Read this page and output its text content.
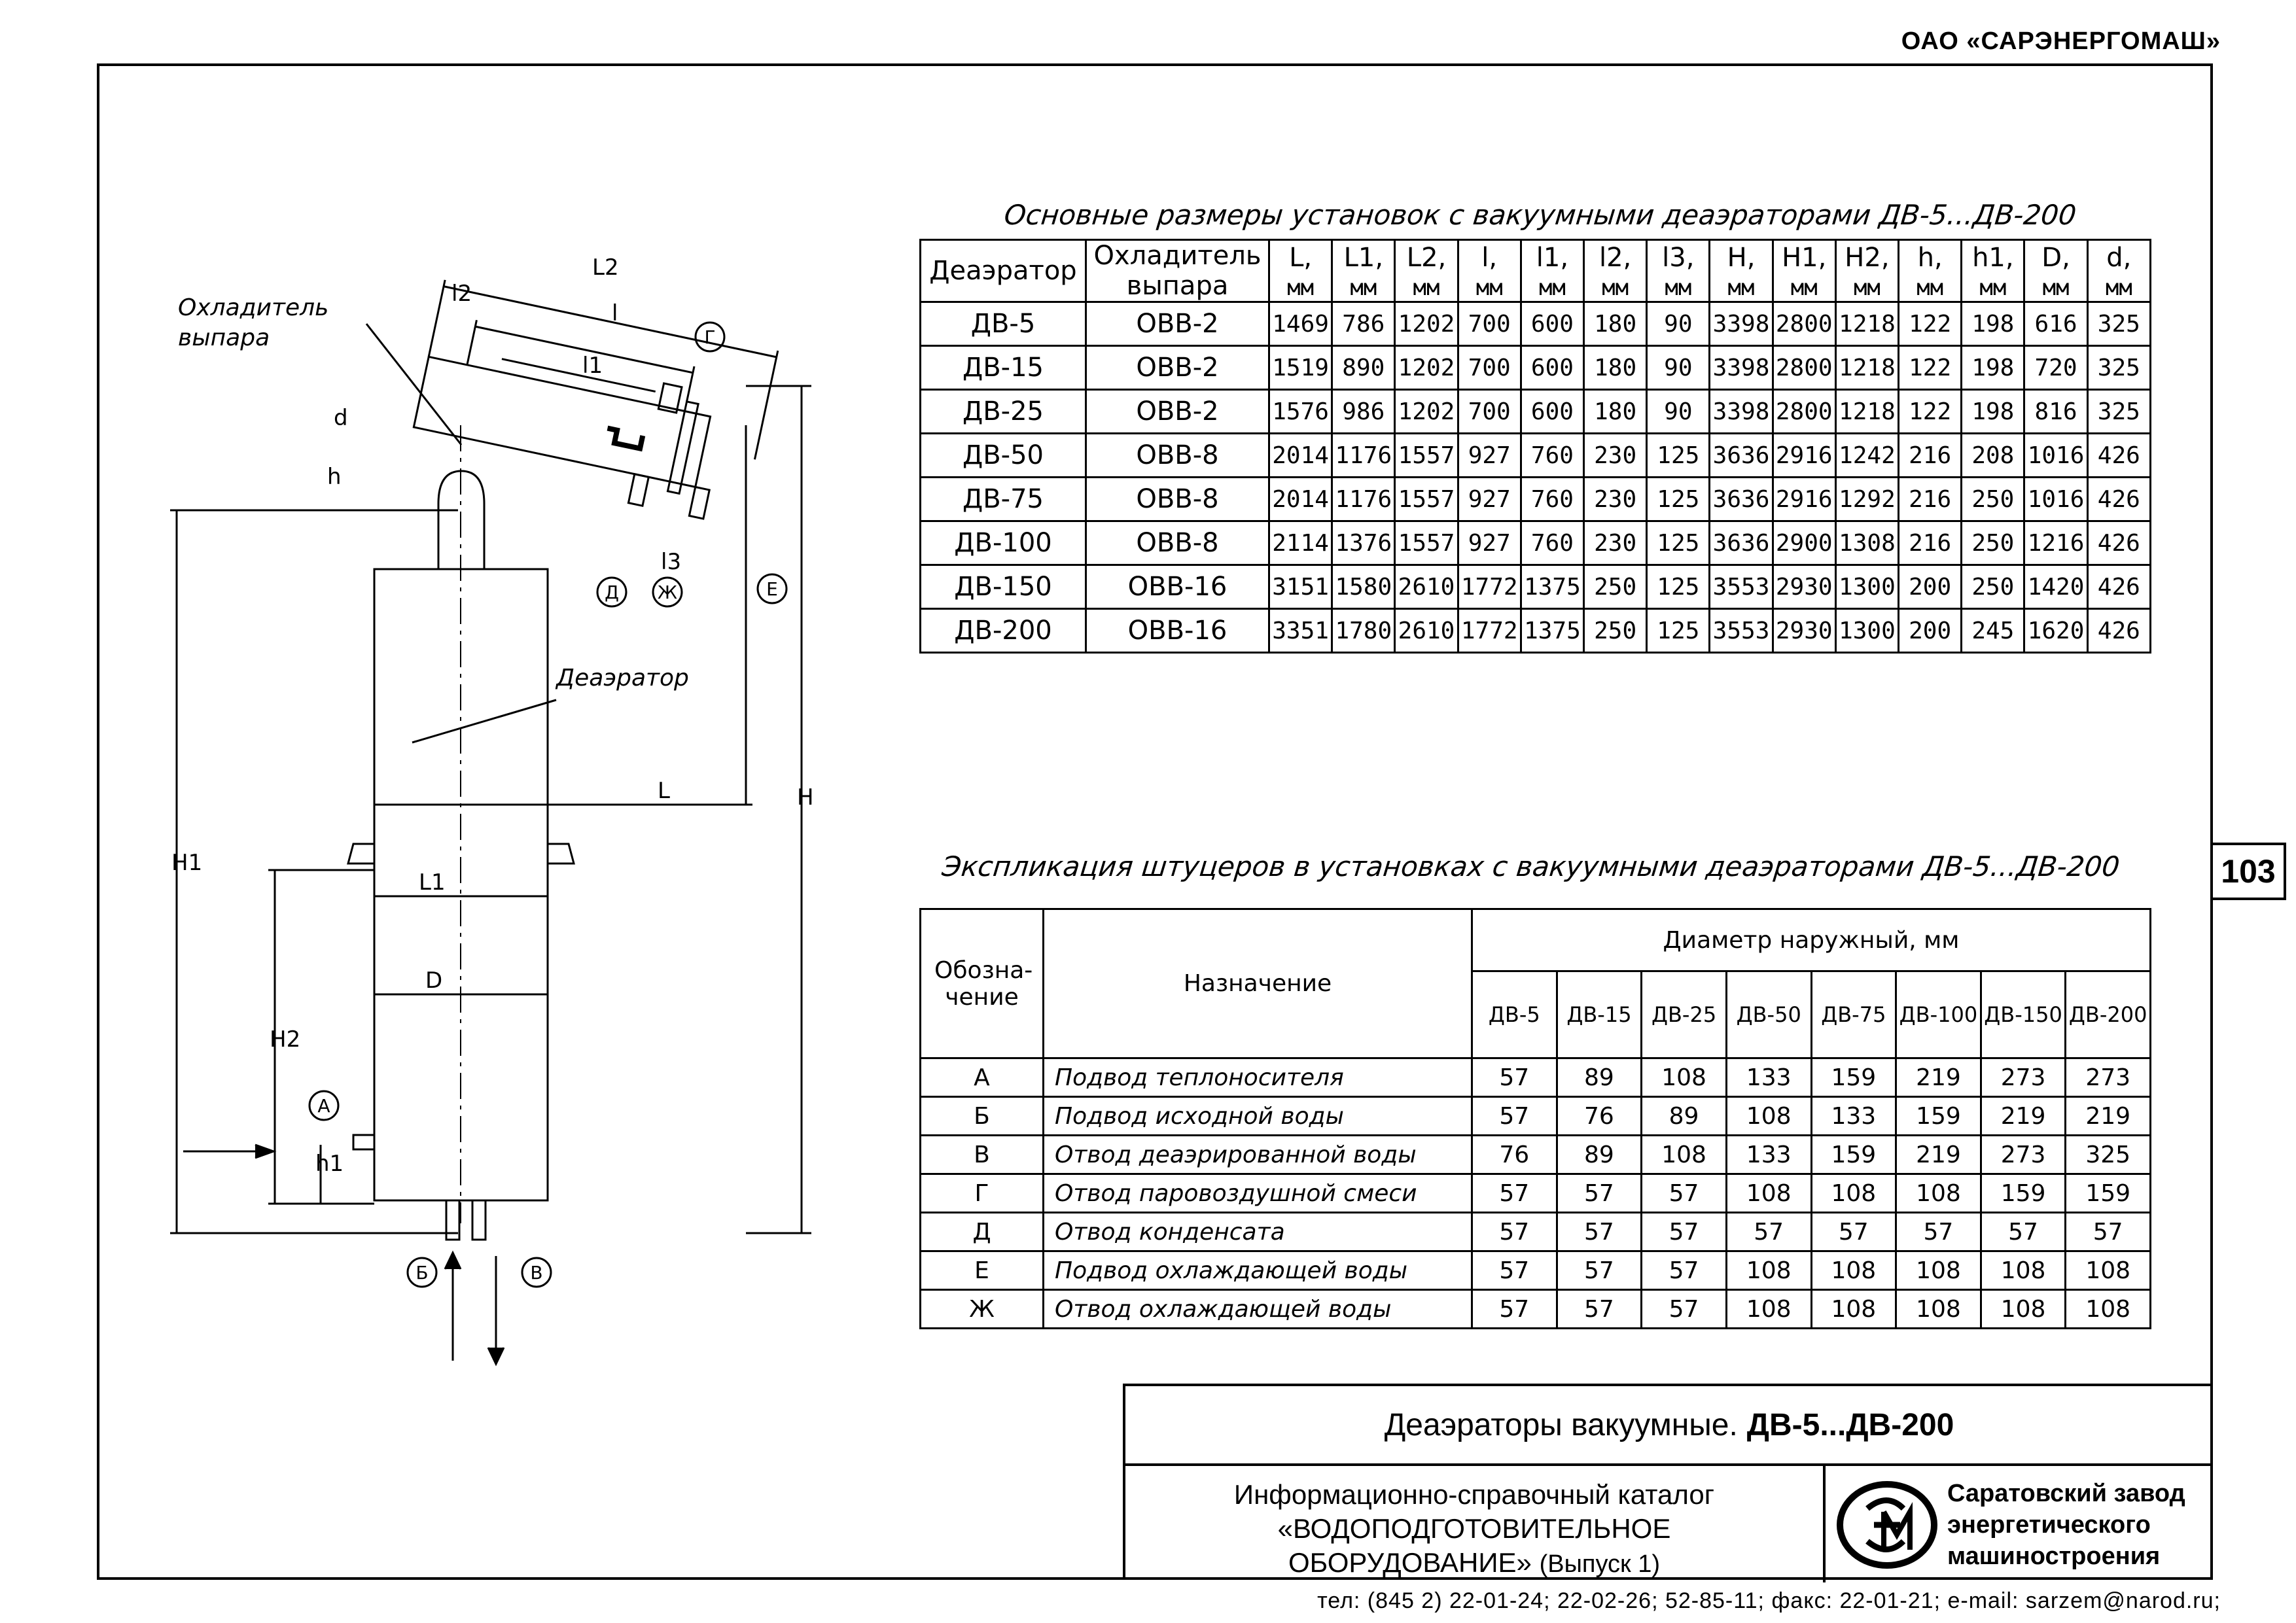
ОАО «САРЭНЕРГОМАШ»
103
Охладитель
выпара
Деаэратор
L2
l2
l
l1
d
h
l3
L
L1
D
H1
H
H2
h1
Г
Д Ж	Е
А
Б	В
Основные размеры установок с вакуумными деаэраторами ДВ-5...ДВ-200
Деаэратор	Охладитель выпара	L,	L1,	L2,	l,	l1,	l2,	l3,	H,	H1,	H2,	h,	h1,	D,	d,
		мм	мм	мм	мм	мм	мм	мм	мм	мм	мм	мм	мм	мм	мм
ДВ-5	ОВВ-2	1469	786	1202	700	600	180	90	3398	2800	1218	122	198	616	325
ДВ-15	ОВВ-2	1519	890	1202	700	600	180	90	3398	2800	1218	122	198	720	325
ДВ-25	ОВВ-2	1576	986	1202	700	600	180	90	3398	2800	1218	122	198	816	325
ДВ-50	ОВВ-8	2014	1176	1557	927	760	230	125	3636	2916	1242	216	208	1016	426
ДВ-75	ОВВ-8	2014	1176	1557	927	760	230	125	3636	2916	1292	216	250	1016	426
ДВ-100	ОВВ-8	2114	1376	1557	927	760	230	125	3636	2900	1308	216	250	1216	426
ДВ-150	ОВВ-16	3151	1580	2610	1772	1375	250	125	3553	2930	1300	200	250	1420	426
ДВ-200	ОВВ-16	3351	1780	2610	1772	1375	250	125	3553	2930	1300	200	245	1620	426
Экспликация штуцеров в установках с вакуумными деаэраторами ДВ-5...ДВ-200
Обозна- чение	Назначение	Диаметр наружный, мм							
		ДВ-5	ДВ-15	ДВ-25	ДВ-50	ДВ-75	ДВ-100	ДВ-150	ДВ-200
А	Подвод теплоносителя	57	89	108	133	159	219	273	273
Б	Подвод исходной воды	57	76	89	108	133	159	219	219
В	Отвод деаэрированной воды	76	89	108	133	159	219	273	325
Г	Отвод паровоздушной смеси	57	57	57	108	108	108	159	159
Д	Отвод конденсата	57	57	57	57	57	57	57	57
Е	Подвод охлаждающей воды	57	57	57	108	108	108	108	108
Ж	Отвод охлаждающей воды	57	57	57	108	108	108	108	108
Деаэраторы вакуумные. ДВ-5...ДВ-200
Информационно-справочный каталог
«ВОДОПОДГОТОВИТЕЛЬНОЕ
ОБОРУДОВАНИЕ» (Выпуск 1)
Саратовский завод
энергетического
машиностроения
тел: (845 2) 22-01-24; 22-02-26; 52-85-11; факс: 22-01-21; e-mail: sarzem@narod.ru;
